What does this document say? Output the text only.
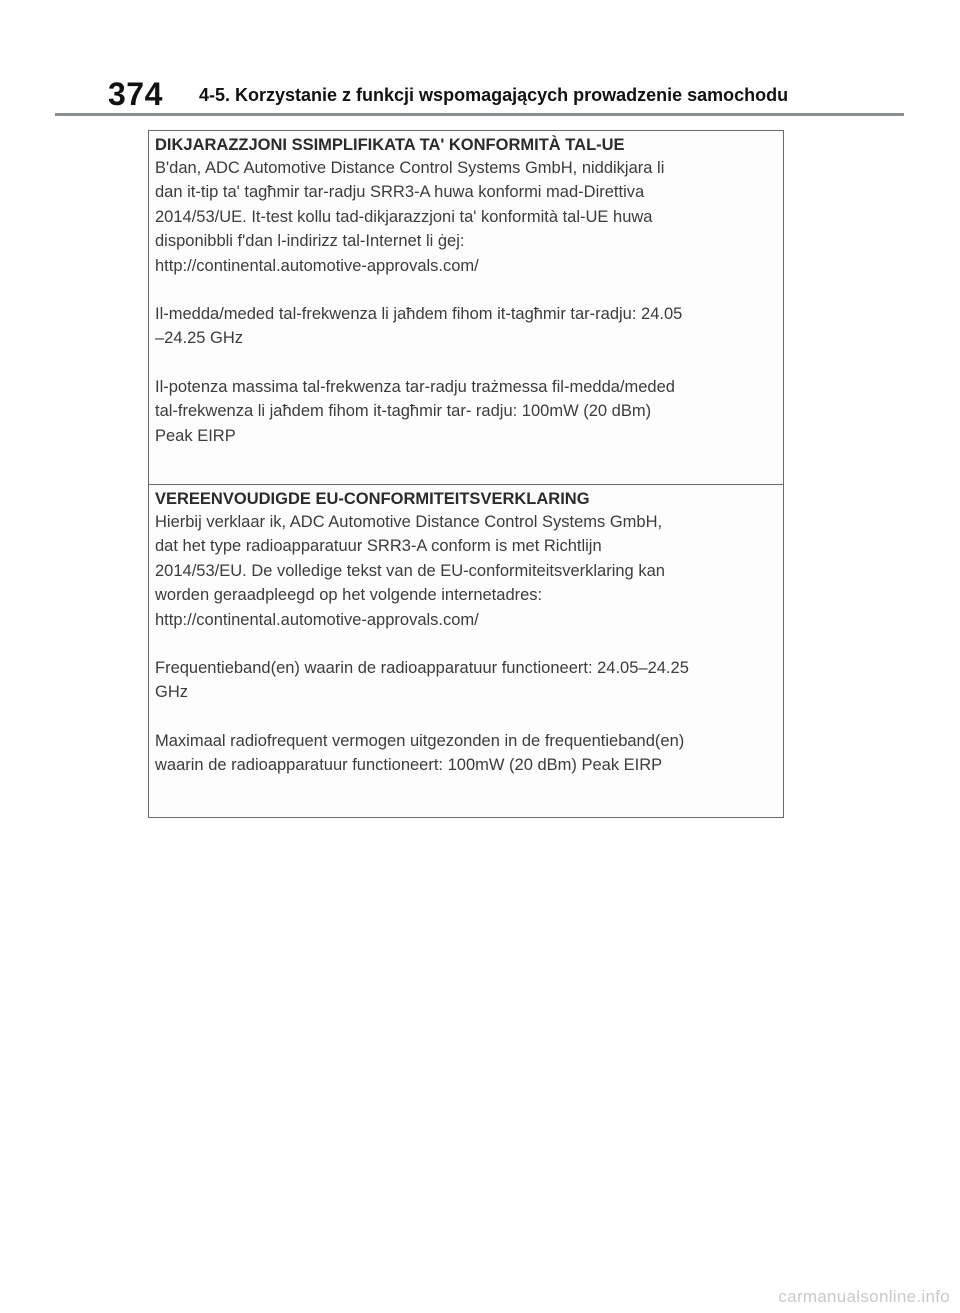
374 4-5. Korzystanie z funkcji wspomagających prowadzenie samochodu
DIKJARAZZJONI SSIMPLIFIKATA TA' KONFORMITÀ TAL-UE

B'dan, ADC Automotive Distance Control Systems GmbH, niddikjara li

dan it-tip ta' tagħmir tar-radju SRR3-A huwa konformi mad-Direttiva

2014/53/UE. It-test kollu tad-dikjarazzjoni ta' konformità tal-UE huwa

disponibbli f'dan l-indirizz tal-Internet li ġej:

http://continental.automotive-approvals.com/

Il-medda/meded tal-frekwenza li jaħdem fihom it-tagħmir tar-radju: 24.05

–24.25 GHz

Il-potenza massima tal-frekwenza tar-radju trażmessa fil-medda/meded

tal-frekwenza li jaħdem fihom it-tagħmir tar- radju: 100mW (20 dBm)

Peak EIRP

VEREENVOUDIGDE EU-CONFORMITEITSVERKLARING

Hierbij verklaar ik, ADC Automotive Distance Control Systems GmbH,

dat het type radioapparatuur SRR3-A conform is met Richtlijn

2014/53/EU. De volledige tekst van de EU-conformiteitsverklaring kan

worden geraadpleegd op het volgende internetadres:

http://continental.automotive-approvals.com/

Frequentieband(en) waarin de radioapparatuur functioneert: 24.05–24.25

GHz

Maximaal radiofrequent vermogen uitgezonden in de frequentieband(en)

waarin de radioapparatuur functioneert: 100mW (20 dBm) Peak EIRP

carmanualsonline.info
